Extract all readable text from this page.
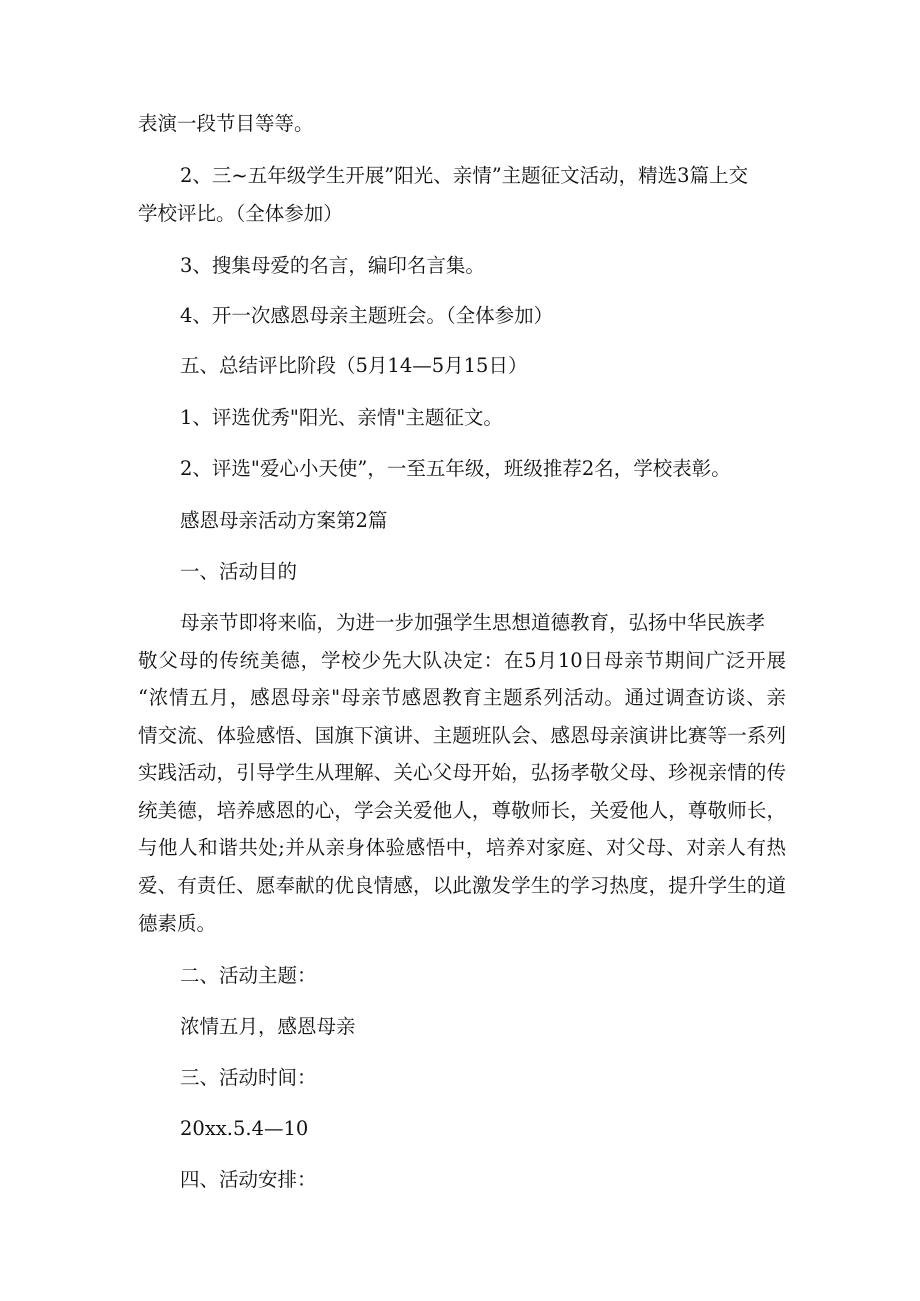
表演一段节目等等。
2、三~五年级学生开展”阳光、亲情”主题征文活动，精选3篇上交
学校评比。（全体参加）
3、搜集母爱的名言，编印名言集。
4、开一次感恩母亲主题班会。（全体参加）
五、总结评比阶段（5月14—5月15日）
1、评选优秀"阳光、亲情"主题征文。
2、评选"爱心小天使”，一至五年级，班级推荐2名，学校表彰。
感恩母亲活动方案第2篇
一、活动目的
母亲节即将来临，为进一步加强学生思想道德教育，弘扬中华民族孝
敬父母的传统美德，学校少先大队决定：在5月10日母亲节期间广泛开展
“浓情五月，感恩母亲"母亲节感恩教育主题系列活动。通过调查访谈、亲
情交流、体验感悟、国旗下演讲、主题班队会、感恩母亲演讲比赛等一系列
实践活动，引导学生从理解、关心父母开始，弘扬孝敬父母、珍视亲情的传
统美德，培养感恩的心，学会关爱他人，尊敬师长，关爱他人，尊敬师长，
与他人和谐共处;并从亲身体验感悟中，培养对家庭、对父母、对亲人有热
爱、有责任、愿奉献的优良情感，以此激发学生的学习热度，提升学生的道
德素质。
二、活动主题：
浓情五月，感恩母亲
三、活动时间：
20xx.5.4—10
四、活动安排：
